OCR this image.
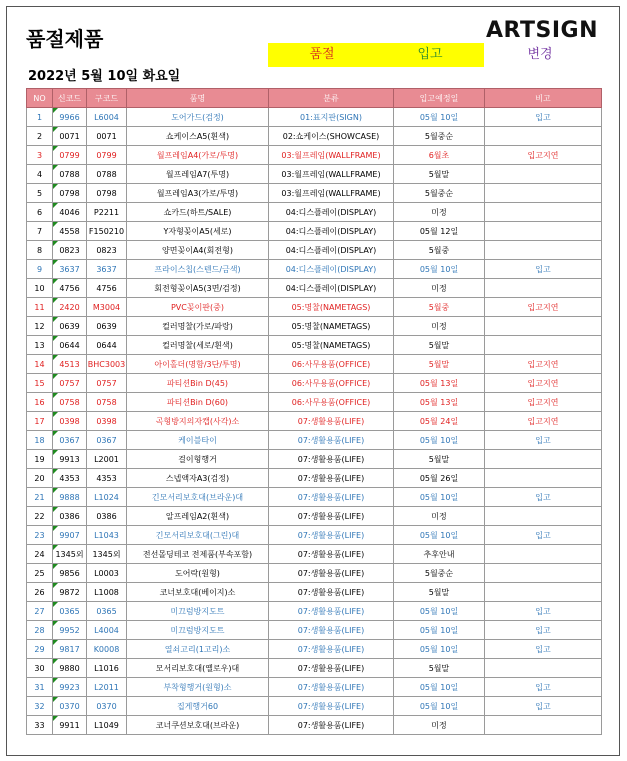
품절제품	ARTSIGN
품절	입고	변경
2022년 5월 10일 화요일
NO	신코드	구코드	품명	분류	입고예정일	비고
1	9966	L6004	도어가드(검정)	01:표지판(SIGN)	05월 10일	입고
2	0071	0071	쇼케이스A5(흰색)	02:쇼케이스(SHOWCASE)	5월중순	
3	0799	0799	월프레임A4(가로/투명)	03:월프레임(WALLFRAME)	6월초	입고지연
4	0788	0788	월프레임A7(투명)	03:월프레임(WALLFRAME)	5월말	
5	0798	0798	월프레임A3(가로/투명)	03:월프레임(WALLFRAME)	5월중순	
6	4046	P2211	쇼카드(하트/SALE)	04:디스플레이(DISPLAY)	미정	
7	4558	F150210	Y자형꽂이A5(세로)	04:디스플레이(DISPLAY)	05월 12일	
8	0823	0823	양면꽂이A4(회전형)	04:디스플레이(DISPLAY)	5월중	
9	3637	3637	프라이스칩(스텐드/금색)	04:디스플레이(DISPLAY)	05월 10일	입고
10	4756	4756	회전형꽂이A5(3면/검정)	04:디스플레이(DISPLAY)	미정	
11	2420	M3004	PVC꽂이판(중)	05:명찰(NAMETAGS)	5월중	입고지연
12	0639	0639	컬러명찰(가로/파랑)	05:명찰(NAMETAGS)	미정	
13	0644	0644	컬러명찰(세로/흰색)	05:명찰(NAMETAGS)	5월말	
14	4513	BHC3003	아이홀더(명함/3단/투명)	06:사무용품(OFFICE)	5월말	입고지연
15	0757	0757	파티션Bin D(45)	06:사무용품(OFFICE)	05월 13일	입고지연
16	0758	0758	파티션Bin D(60)	06:사무용품(OFFICE)	05월 13일	입고지연
17	0398	0398	곡형방지의자캡(사각)소	07:생활용품(LIFE)	05월 24일	입고지연
18	0367	0367	케이블타이	07:생활용품(LIFE)	05월 10일	입고
19	9913	L2001	걸이형행거	07:생활용품(LIFE)	5월말	
20	4353	4353	스넵액자A3(검정)	07:생활용품(LIFE)	05월 26일	
21	9888	L1024	긴모서리보호대(브라운)대	07:생활용품(LIFE)	05월 10일	입고
22	0386	0386	알프레임A2(흰색)	07:생활용품(LIFE)	미정	
23	9907	L1043	긴모서리보호대(그린)대	07:생활용품(LIFE)	05월 10일	입고
24	1345외	1345외	전선몰딩테코 전제품(부속포함)	07:생활용품(LIFE)	추후안내	
25	9856	L0003	도어락(원형)	07:생활용품(LIFE)	5월중순	
26	9872	L1008	코너보호대(베이지)소	07:생활용품(LIFE)	5월말	
27	0365	0365	미끄럼방지도트	07:생활용품(LIFE)	05월 10일	입고
28	9952	L4004	미끄럼방지도트	07:생활용품(LIFE)	05월 10일	입고
29	9817	K0008	열쇠고리(1고리)소	07:생활용품(LIFE)	05월 10일	입고
30	9880	L1016	모서리보호대(옐로우)대	07:생활용품(LIFE)	5월말	
31	9923	L2011	부착형행거(원형)소	07:생활용품(LIFE)	05월 10일	입고
32	0370	0370	집게행거60	07:생활용품(LIFE)	05월 10일	입고
33	9911	L1049	코너쿠션보호대(브라운)	07:생활용품(LIFE)	미정	
